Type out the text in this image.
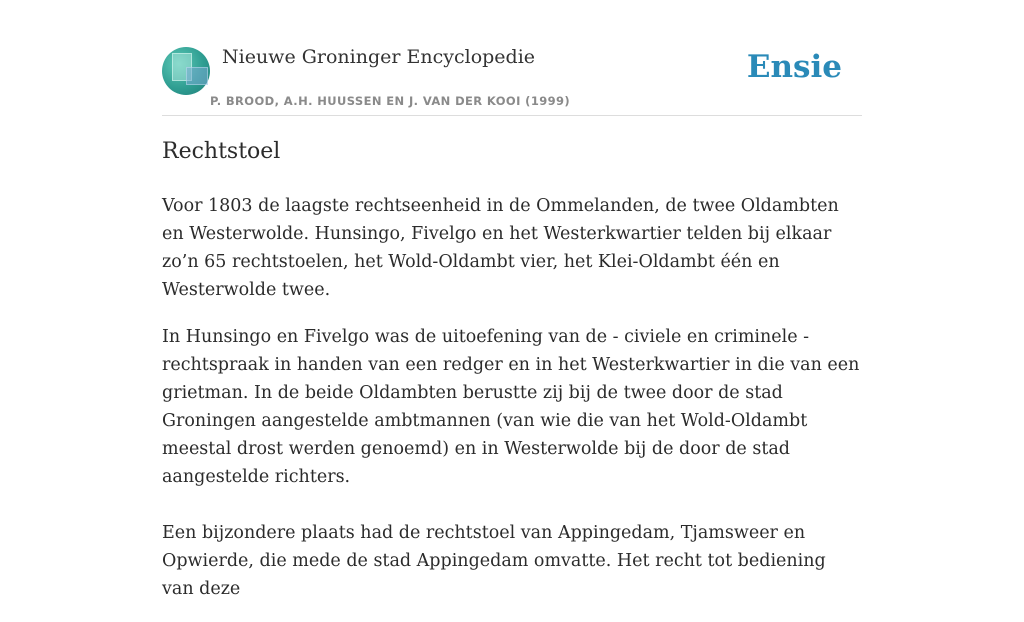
Nieuwe Groninger Encyclopedie
P. BROOD, A.H. HUUSSEN EN J. VAN DER KOOI (1999)
Ensie
Rechtstoel

Voor 1803 de laagste rechtseenheid in de Ommelanden, de twee Oldambten en Westerwolde. Hunsingo, Fivelgo en het Westerkwartier telden bij elkaar zo’n 65 rechtstoelen, het Wold-Oldambt vier, het Klei-Oldambt één en Westerwolde twee.

In Hunsingo en Fivelgo was de uitoefening van de - civiele en criminele - rechtspraak in handen van een redger en in het Westerkwartier in die van een grietman. In de beide Oldambten berustte zij bij de twee door de stad Groningen aangestelde ambtmannen (van wie die van het Wold-Oldambt meestal drost werden genoemd) en in Westerwolde bij de door de stad aangestelde richters.

Een bijzondere plaats had de rechtstoel van Appingedam, Tjamsweer en Opwierde, die mede de stad Appingedam omvatte. Het recht tot bediening van deze
